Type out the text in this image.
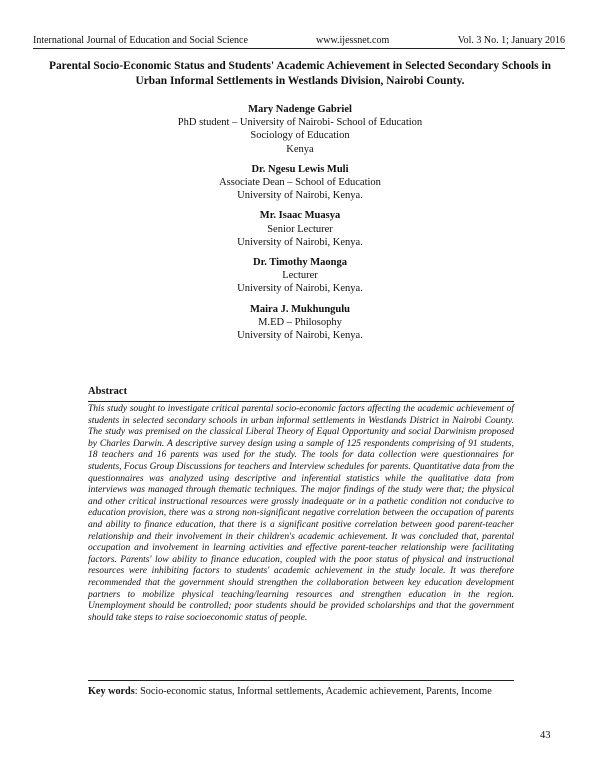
International Journal of Education and Social Science	www.ijessnet.com	Vol. 3 No. 1; January 2016
Parental Socio-Economic Status and Students' Academic Achievement in Selected Secondary Schools in Urban Informal Settlements in Westlands Division, Nairobi County.
Mary Nadenge Gabriel
PhD student – University of Nairobi- School of Education
Sociology of Education
Kenya
Dr. Ngesu Lewis Muli
Associate Dean – School of Education
University of Nairobi, Kenya.
Mr. Isaac Muasya
Senior Lecturer
University of Nairobi, Kenya.
Dr. Timothy Maonga
Lecturer
University of Nairobi, Kenya.
Maira J. Mukhungulu
M.ED – Philosophy
University of Nairobi, Kenya.
Abstract
This study sought to investigate critical parental socio-economic factors affecting the academic achievement of students in selected secondary schools in urban informal settlements in Westlands District in Nairobi County. The study was premised on the classical Liberal Theory of Equal Opportunity and social Darwinism proposed by Charles Darwin. A descriptive survey design using a sample of 125 respondents comprising of 91 students, 18 teachers and 16 parents was used for the study. The tools for data collection were questionnaires for students, Focus Group Discussions for teachers and Interview schedules for parents. Quantitative data from the questionnaires was analyzed using descriptive and inferential statistics while the qualitative data from interviews was managed through thematic techniques. The major findings of the study were that; the physical and other critical instructional resources were grossly inadequate or in a pathetic condition not conducive to education provision, there was a strong non-significant negative correlation between the occupation of parents and ability to finance education, that there is a significant positive correlation between good parent-teacher relationship and their involvement in their children's academic achievement. It was concluded that, parental occupation and involvement in learning activities and effective parent-teacher relationship were facilitating factors. Parents' low ability to finance education, coupled with the poor status of physical and instructional resources were inhibiting factors to students' academic achievement in the study locale. It was therefore recommended that the government should strengthen the collaboration between key education development partners to mobilize physical teaching/learning resources and strengthen education in the region. Unemployment should be controlled; poor students should be provided scholarships and that the government should take steps to raise socioeconomic status of people.
Key words: Socio-economic status, Informal settlements, Academic achievement, Parents, Income
43
